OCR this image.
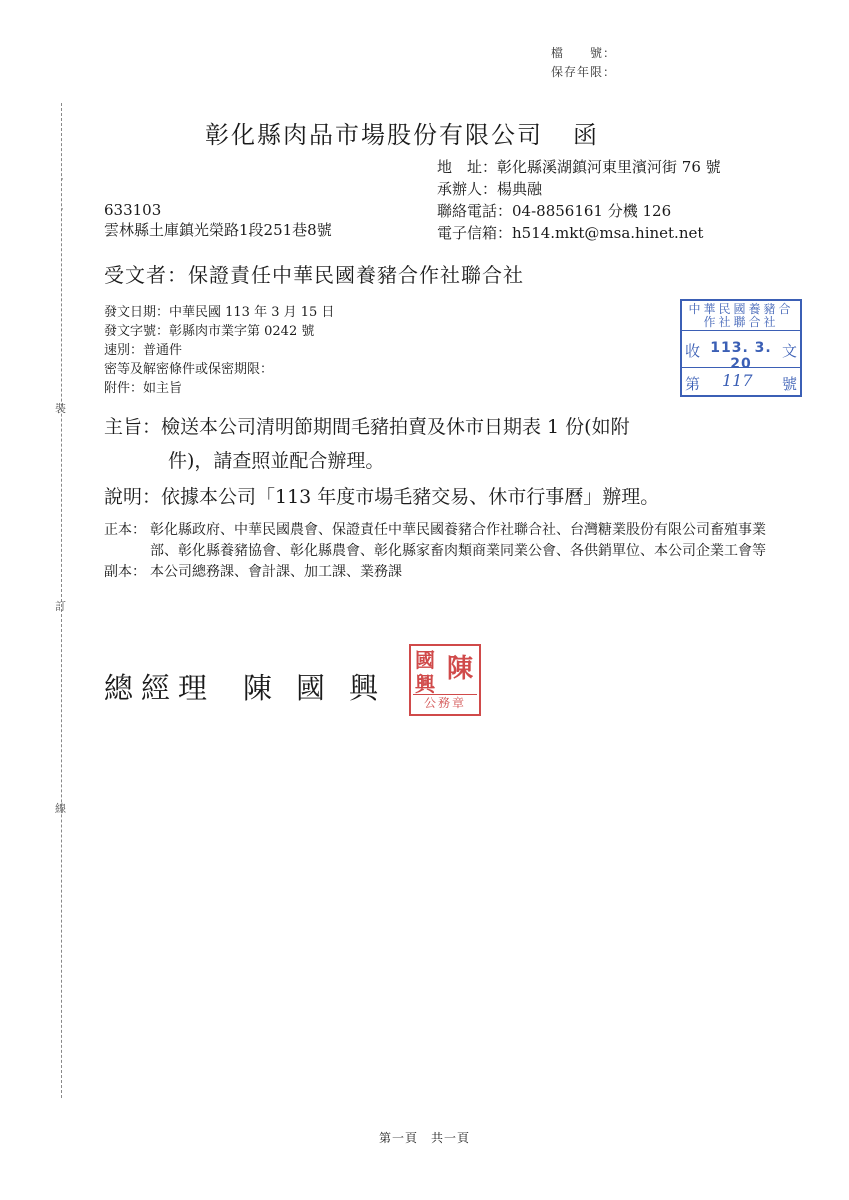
檔　　號：
保存年限：
·
·
裝
訂
線
彰化縣肉品市場股份有限公司 函
地　址：彰化縣溪湖鎮河東里濱河街 76 號
承辦人：楊典融
聯絡電話：04-8856161 分機 126
電子信箱：h514.mkt@msa.hinet.net
633103
雲林縣土庫鎮光榮路1段251巷8號
受文者：保證責任中華民國養豬合作社聯合社
發文日期：中華民國 113 年 3 月 15 日
發文字號：彰縣肉市業字第 0242 號
速別：普通件
密等及解密條件或保密期限：
附件：如主旨
中華民國養豬合作社聯合社
收 113. 3. 20
文
第 117 號
主旨：檢送本公司清明節期間毛豬拍賣及休市日期表 1 份(如附
件)，請查照並配合辦理。
說明：依據本公司「113 年度市場毛豬交易、休市行事曆」辦理。
正本： 彰化縣政府、中華民國農會、保證責任中華民國養豬合作社聯合社、台灣糖業股份有限公司畜殖事業部、彰化縣養豬協會、彰化縣農會、彰化縣家畜肉類商業同業公會、各供銷單位、本公司企業工會等
副本： 本公司總務課、會計課、加工課、業務課
總經理 陳國興
國 陳
興
公務章
第一頁　共一頁
